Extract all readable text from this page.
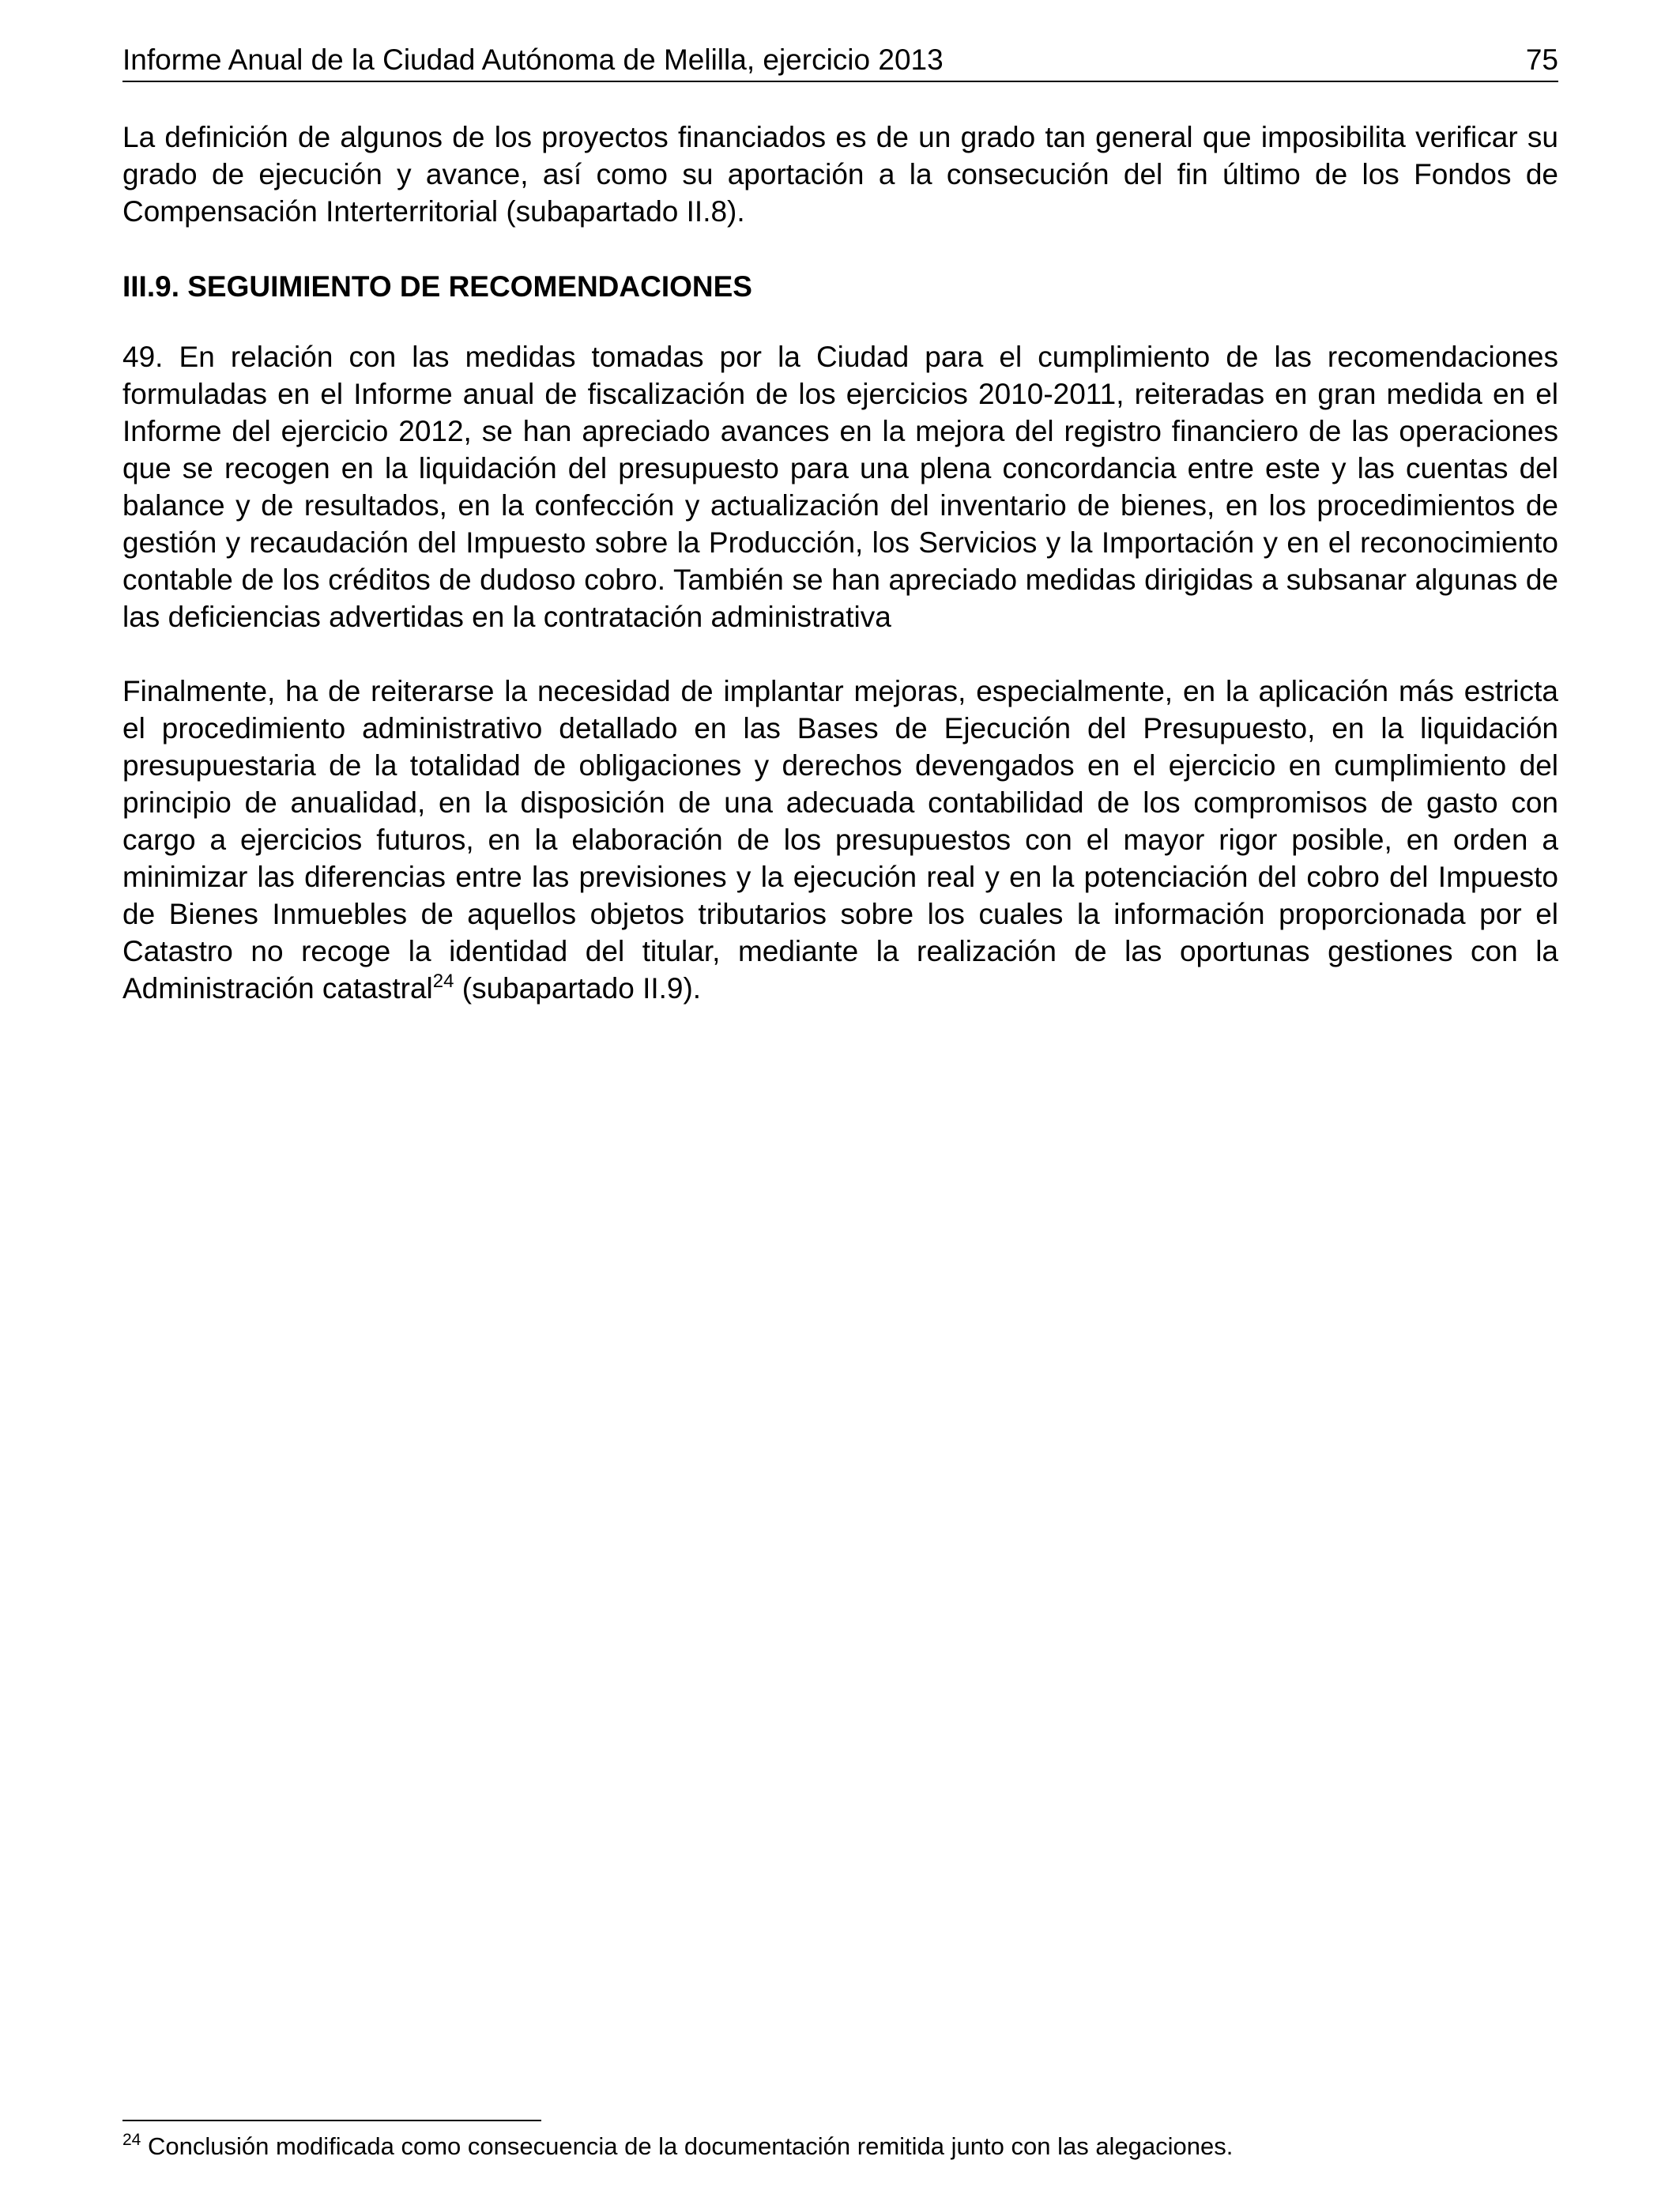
Informe Anual de la Ciudad Autónoma de Melilla, ejercicio 2013	75

La definición de algunos de los proyectos financiados es de un grado tan general que imposibilita verificar su grado de ejecución y avance, así como su aportación a la consecución del fin último de los Fondos de Compensación Interterritorial (subapartado II.8).

III.9. SEGUIMIENTO DE RECOMENDACIONES

49. En relación con las medidas tomadas por la Ciudad para el cumplimiento de las recomendaciones formuladas en el Informe anual de fiscalización de los ejercicios 2010-2011, reiteradas en gran medida en el Informe del ejercicio 2012, se han apreciado avances en la mejora del registro financiero de las operaciones que se recogen en la liquidación del presupuesto para una plena concordancia entre este y las cuentas del balance y de resultados, en la confección y actualización del inventario de bienes, en los procedimientos de gestión y recaudación del Impuesto sobre la Producción, los Servicios y la Importación y en el reconocimiento contable de los créditos de dudoso cobro. También se han apreciado medidas dirigidas a subsanar algunas de las deficiencias advertidas en la contratación administrativa

Finalmente, ha de reiterarse la necesidad de implantar mejoras, especialmente, en la aplicación más estricta el procedimiento administrativo detallado en las Bases de Ejecución del Presupuesto, en la liquidación presupuestaria de la totalidad de obligaciones y derechos devengados en el ejercicio en cumplimiento del principio de anualidad, en la disposición de una adecuada contabilidad de los compromisos de gasto con cargo a ejercicios futuros, en la elaboración de los presupuestos con el mayor rigor posible, en orden a minimizar las diferencias entre las previsiones y la ejecución real y en la potenciación del cobro del Impuesto de Bienes Inmuebles de aquellos objetos tributarios sobre los cuales la información proporcionada por el Catastro no recoge la identidad del titular, mediante la realización de las oportunas gestiones con la Administración catastral$^{24}$ (subapartado II.9).

$^{24}$ Conclusión modificada como consecuencia de la documentación remitida junto con las alegaciones.
